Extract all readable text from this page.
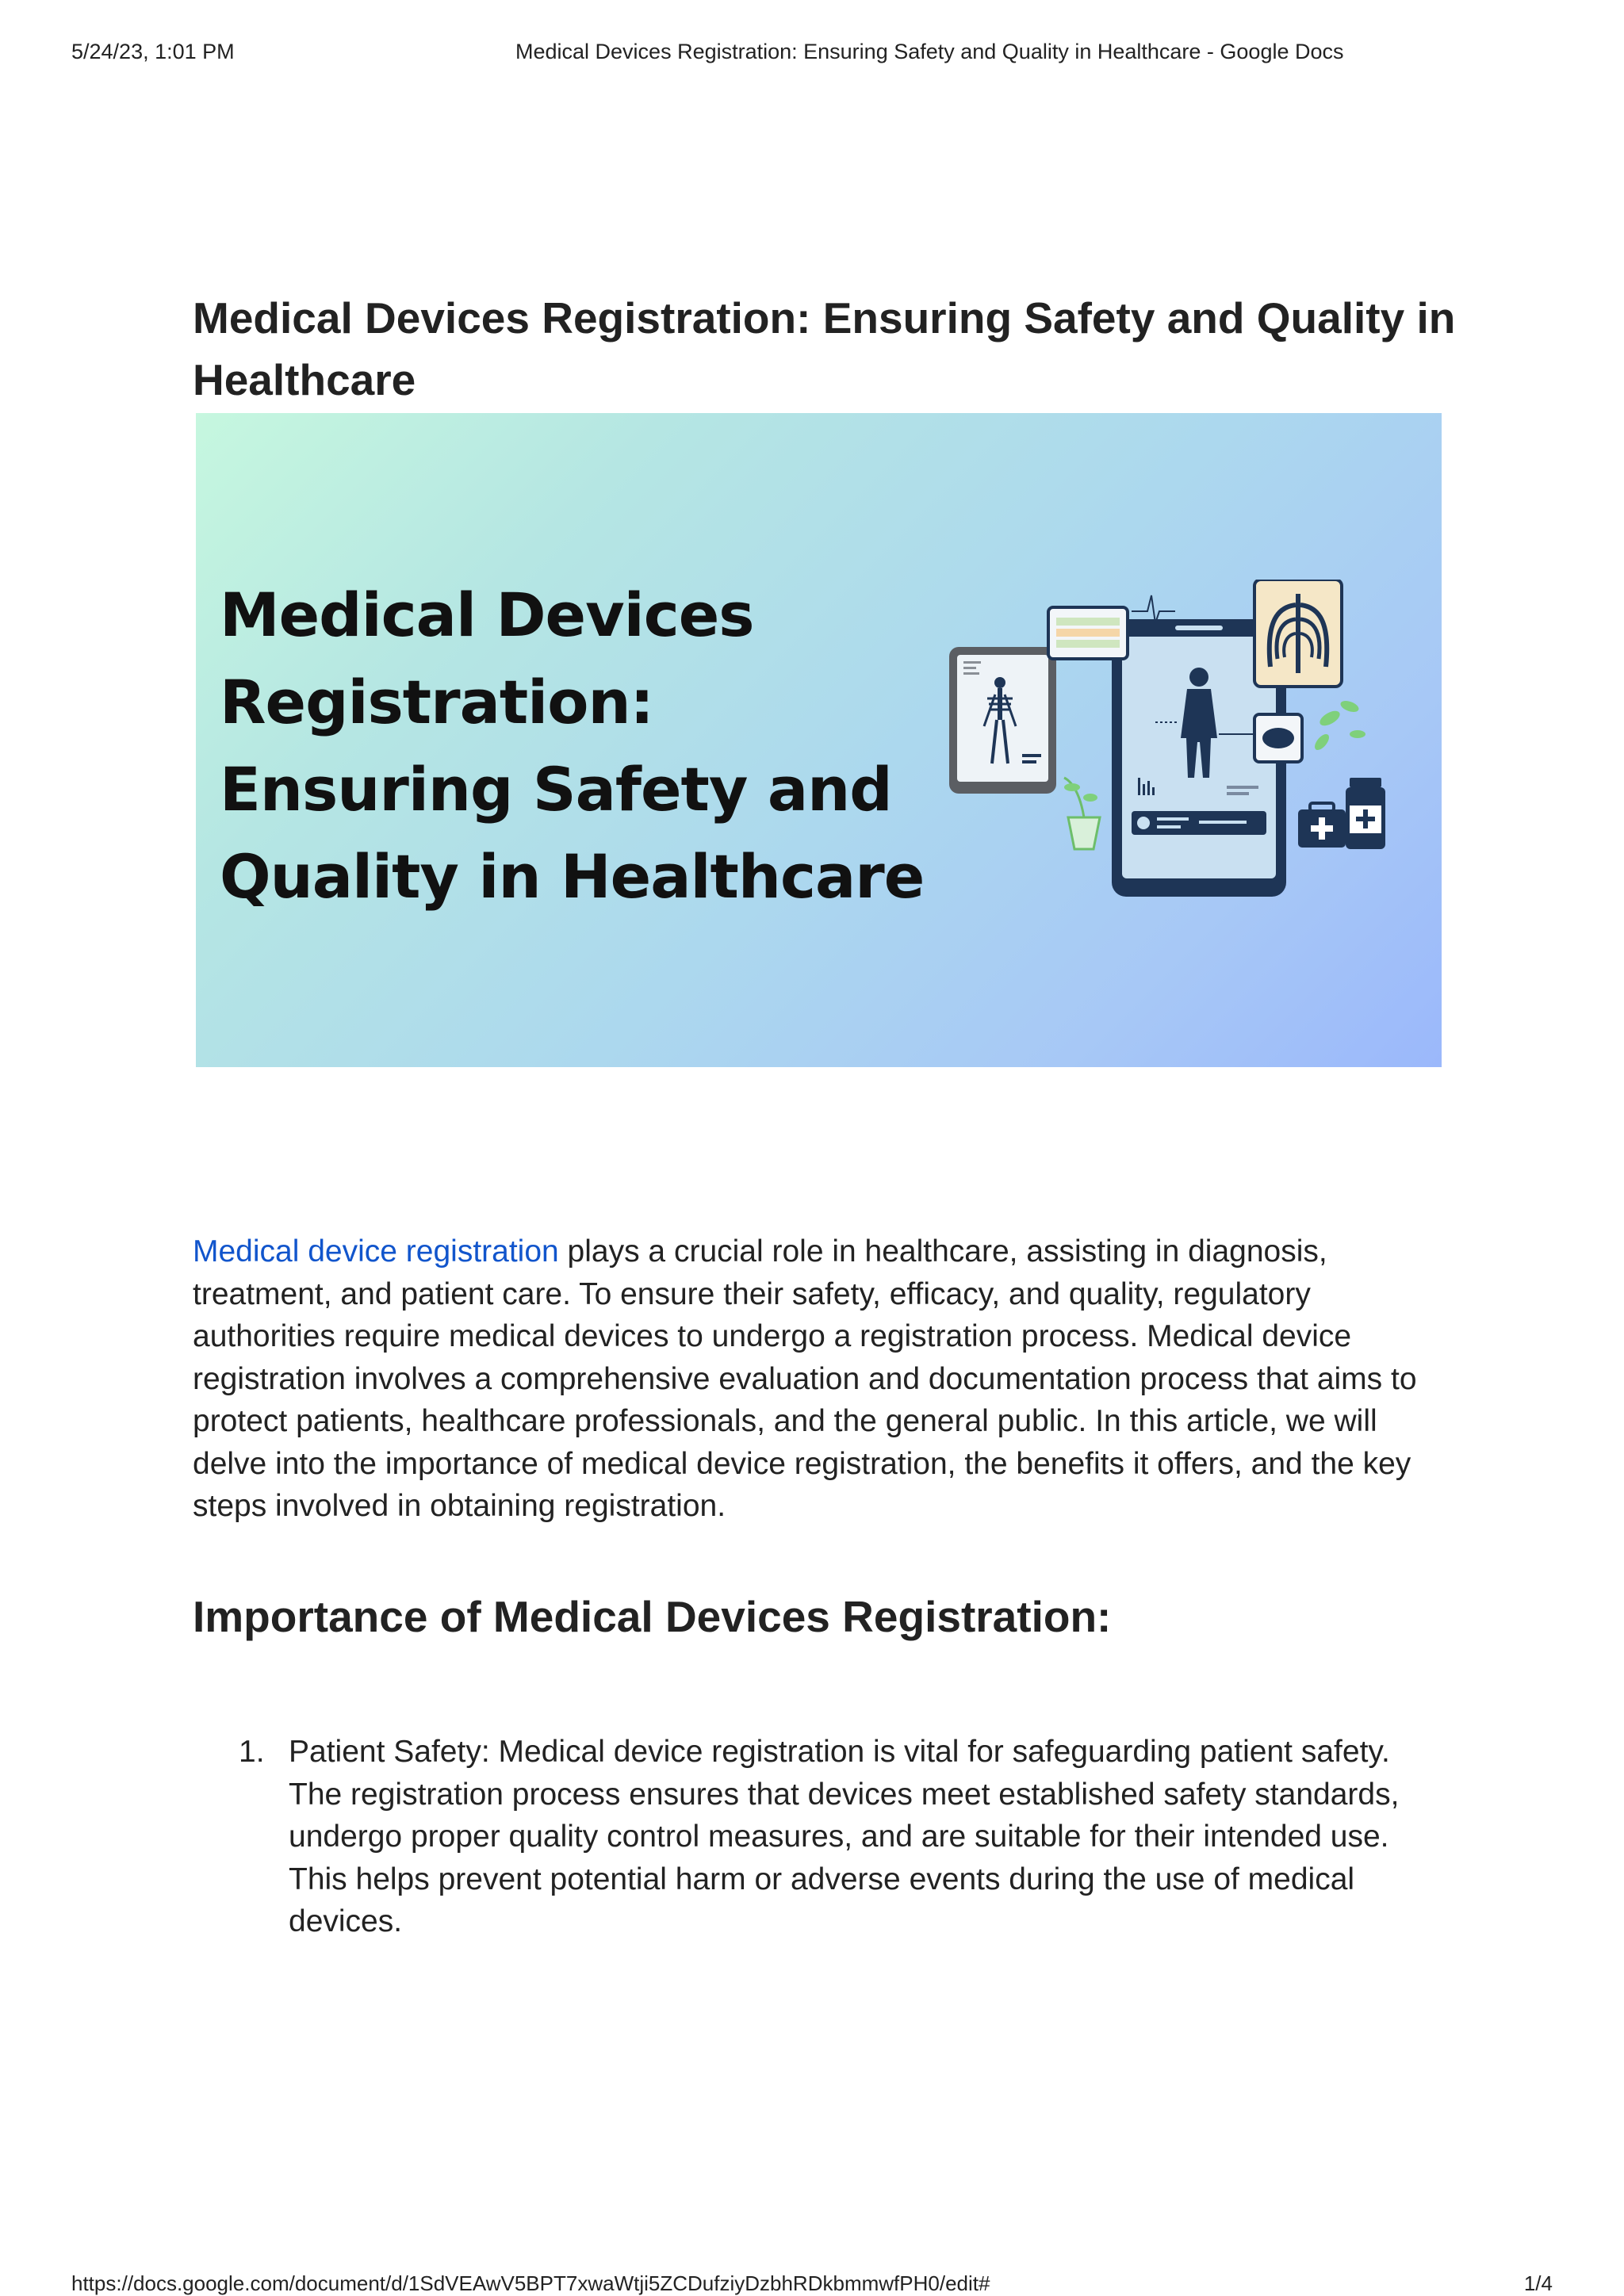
5/24/23, 1:01 PM	Medical Devices Registration: Ensuring Safety and Quality in Healthcare - Google Docs
Medical Devices Registration: Ensuring Safety and Quality in Healthcare
Medical Devices
Registration:
Ensuring Safety and
Quality in Healthcare

Medical device registration plays a crucial role in healthcare, assisting in diagnosis, treatment, and patient care. To ensure their safety, efficacy, and quality, regulatory authorities require medical devices to undergo a registration process. Medical device registration involves a comprehensive evaluation and documentation process that aims to protect patients, healthcare professionals, and the general public. In this article, we will delve into the importance of medical device registration, the benefits it offers, and the key steps involved in obtaining registration.

Importance of Medical Devices Registration:
1. Patient Safety: Medical device registration is vital for safeguarding patient safety. The registration process ensures that devices meet established safety standards, undergo proper quality control measures, and are suitable for their intended use. This helps prevent potential harm or adverse events during the use of medical devices.
https://docs.google.com/document/d/1SdVEAwV5BPT7xwaWtji5ZCDufziyDzbhRDkbmmwfPH0/edit#	1/4
